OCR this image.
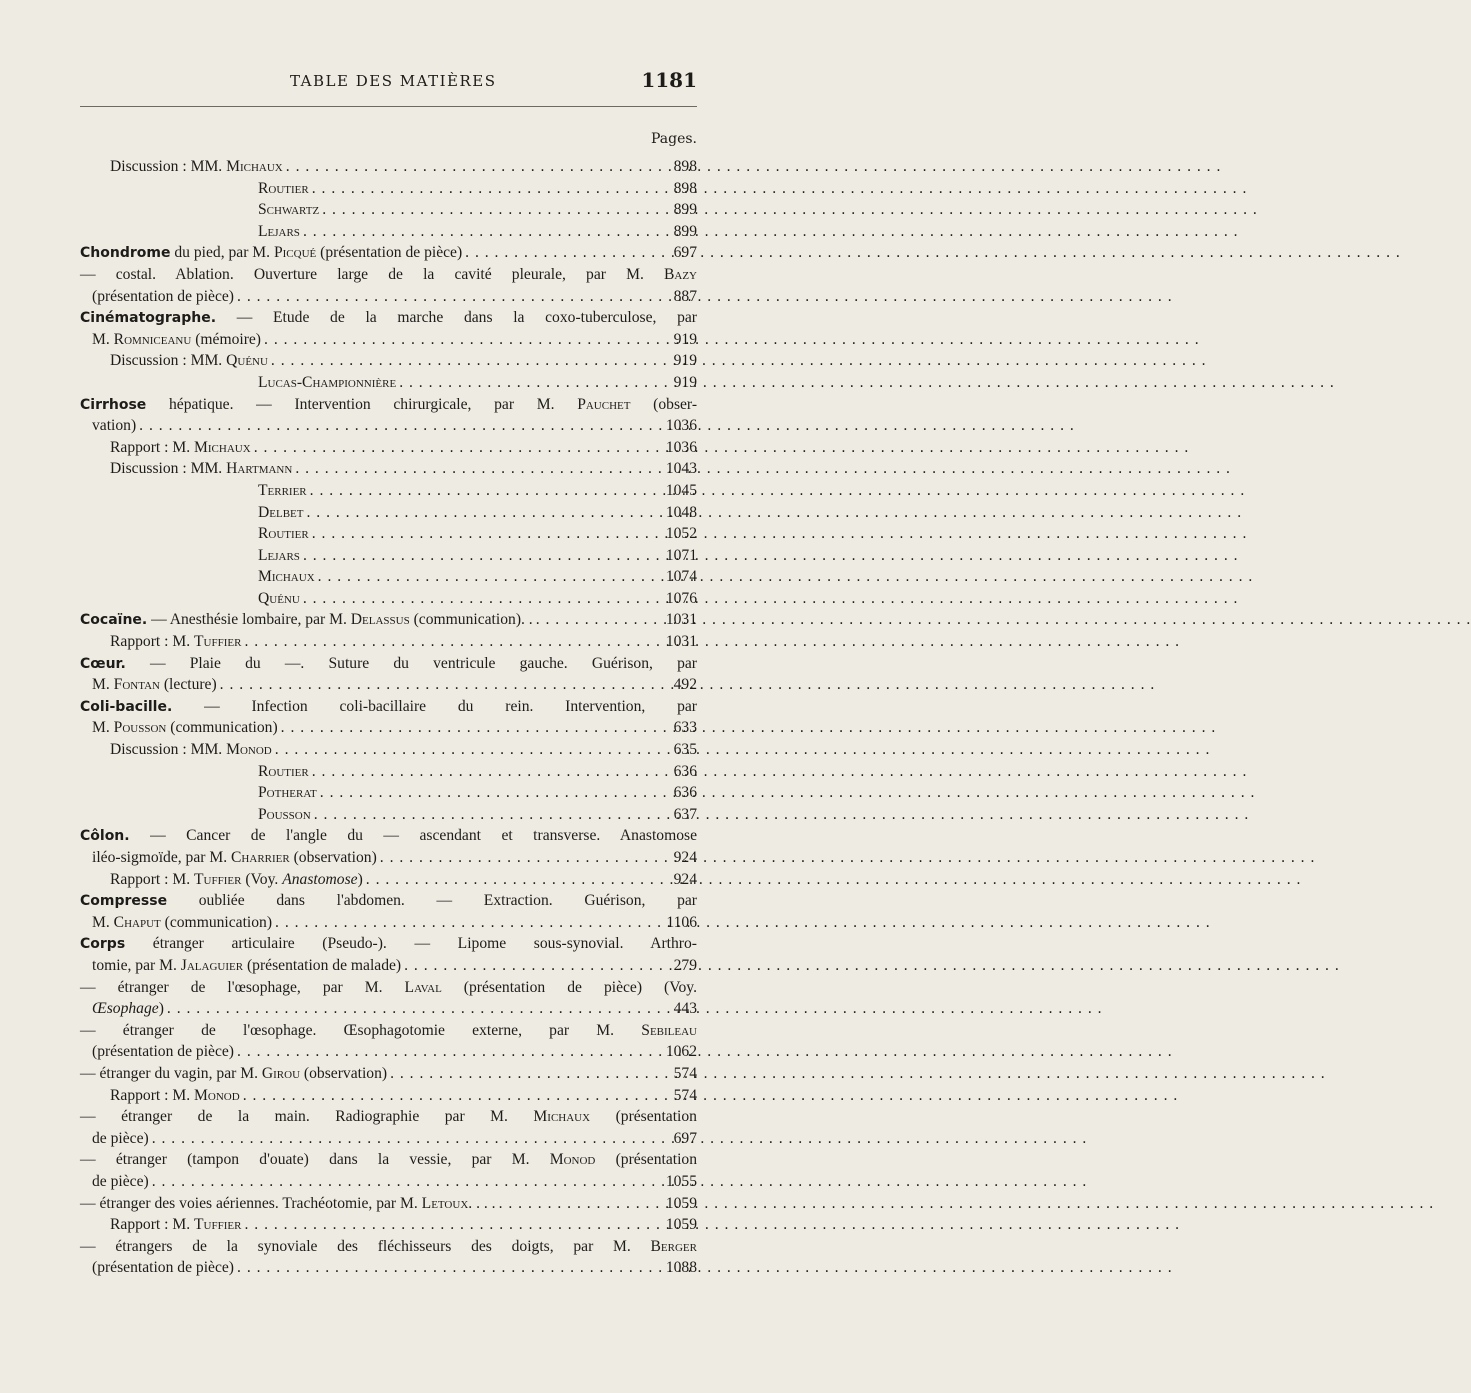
TABLE DES MATIÈRES	1181
Pages.
Discussion : MM. Michaux . . .	898
Routier . . .	898
Schwartz . . .	899
Lejars . . .	899
Chondrome du pied, par M. Picqué (présentation de pièce) . . .	697
— costal. Ablation. Ouverture large de la cavité pleurale, par M. Bazy
(présentation de pièce) . . .	887
Cinématographe. — Etude de la marche dans la coxo-tuberculose, par
M. Romniceanu (mémoire) . . .	919
Discussion : MM. Quénu . . .	919
Lucas-Championnière . . .	919
Cirrhose hépatique. — Intervention chirurgicale, par M. Pauchet (obser-
vation) . . .	1036
Rapport : M. Michaux . . .	1036
Discussion : MM. Hartmann . . .	1043
Terrier . . .	1045
Delbet . . .	1048
Routier . . .	1052
Lejars . . .	1071
Michaux . . .	1074
Quénu . . .	1076
Cocaïne. — Anesthésie lombaire, par M. Delassus (communication). . . . .	1031
Rapport : M. Tuffier . . .	1031
Cœur. — Plaie du —. Suture du ventricule gauche. Guérison, par
M. Fontan (lecture) . . .	492
Coli-bacille. — Infection coli-bacillaire du rein. Intervention, par
M. Pousson (communication) . . .	633
Discussion : MM. Monod . . .	635
Routier . . .	636
Potherat . . .	636
Pousson . . .	637
Côlon. — Cancer de l'angle du — ascendant et transverse. Anastomose
iléo-sigmoïde, par M. Charrier (observation) . . .	924
Rapport : M. Tuffier (Voy. Anastomose) . . .	924
Compresse oubliée dans l'abdomen. — Extraction. Guérison, par
M. Chaput (communication) . . .	1106
Corps étranger articulaire (Pseudo-). — Lipome sous-synovial. Arthro-
tomie, par M. Jalaguier (présentation de malade) . . .	279
— étranger de l'œsophage, par M. Laval (présentation de pièce) (Voy.
Œsophage) . . .	443
— étranger de l'œsophage. Œsophagotomie externe, par M. Sebileau
(présentation de pièce) . . .	1062
— étranger du vagin, par M. Girou (observation) . . .	574
Rapport : M. Monod . . .	574
— étranger de la main. Radiographie par M. Michaux (présentation
de pièce) . . .	697
— étranger (tampon d'ouate) dans la vessie, par M. Monod (présentation
de pièce) . . .	1055
— étranger des voies aériennes. Trachéotomie, par M. Letoux. . . . . . .	1059
Rapport : M. Tuffier . . .	1059
— étrangers de la synoviale des fléchisseurs des doigts, par M. Berger
(présentation de pièce) . . .	1088
